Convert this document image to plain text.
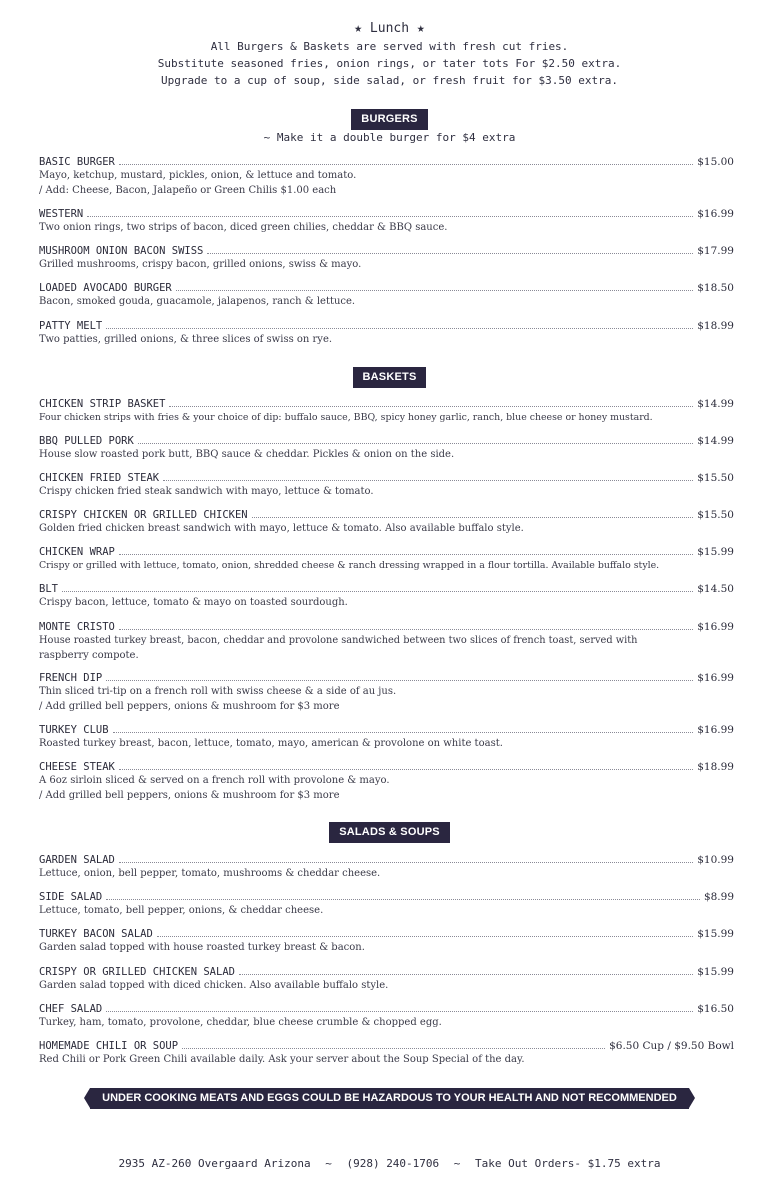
★ Lunch ★
All Burgers & Baskets are served with fresh cut fries.
Substitute seasoned fries, onion rings, or tater tots For $2.50 extra.
Upgrade to a cup of soup, side salad, or fresh fruit for $3.50 extra.
BURGERS
~ Make it a double burger for $4 extra
BASIC BURGER	$15.00
Mayo, ketchup, mustard, pickles, onion, & lettuce and tomato.
/ Add: Cheese, Bacon, Jalapeño or Green Chilis $1.00 each
WESTERN	$16.99
Two onion rings, two strips of bacon, diced green chilies, cheddar & BBQ sauce.
MUSHROOM ONION BACON SWISS	$17.99
Grilled mushrooms, crispy bacon, grilled onions, swiss & mayo.
LOADED AVOCADO BURGER	$18.50
Bacon, smoked gouda, guacamole, jalapenos, ranch & lettuce.
PATTY MELT	$18.99
Two patties, grilled onions, & three slices of swiss on rye.
BASKETS
CHICKEN STRIP BASKET	$14.99
Four chicken strips with fries & your choice of dip: buffalo sauce, BBQ, spicy honey garlic, ranch, blue cheese or honey mustard.
BBQ PULLED PORK	$14.99
House slow roasted pork butt, BBQ sauce & cheddar. Pickles & onion on the side.
CHICKEN FRIED STEAK	$15.50
Crispy chicken fried steak sandwich with mayo, lettuce & tomato.
CRISPY CHICKEN OR GRILLED CHICKEN	$15.50
Golden fried chicken breast sandwich with mayo, lettuce & tomato. Also available buffalo style.
CHICKEN WRAP	$15.99
Crispy or grilled with lettuce, tomato, onion, shredded cheese & ranch dressing wrapped in a flour tortilla. Available buffalo style.
BLT	$14.50
Crispy bacon, lettuce, tomato & mayo on toasted sourdough.
MONTE CRISTO	$16.99
House roasted turkey breast, bacon, cheddar and provolone sandwiched between two slices of french toast, served with
raspberry compote.
FRENCH DIP	$16.99
Thin sliced tri-tip on a french roll with swiss cheese & a side of au jus.
/ Add grilled bell peppers, onions & mushroom for $3 more
TURKEY CLUB	$16.99
Roasted turkey breast, bacon, lettuce, tomato, mayo, american & provolone on white toast.
CHEESE STEAK	$18.99
A 6oz sirloin sliced & served on a french roll with provolone & mayo.
/ Add grilled bell peppers, onions & mushroom for $3 more
SALADS & SOUPS
GARDEN SALAD	$10.99
Lettuce, onion, bell pepper, tomato, mushrooms & cheddar cheese.
SIDE SALAD	$8.99
Lettuce, tomato, bell pepper, onions, & cheddar cheese.
TURKEY BACON SALAD	$15.99
Garden salad topped with house roasted turkey breast & bacon.
CRISPY OR GRILLED CHICKEN SALAD	$15.99
Garden salad topped with diced chicken. Also available buffalo style.
CHEF SALAD	$16.50
Turkey, ham, tomato, provolone, cheddar, blue cheese crumble & chopped egg.
HOMEMADE CHILI OR SOUP	$6.50 Cup / $9.50 Bowl
Red Chili or Pork Green Chili available daily. Ask your server about the Soup Special of the day.
UNDER COOKING MEATS AND EGGS COULD BE HAZARDOUS TO YOUR HEALTH AND NOT RECOMMENDED
2935 AZ-260 Overgaard Arizona ~ (928) 240-1706 ~ Take Out Orders- $1.75 extra
